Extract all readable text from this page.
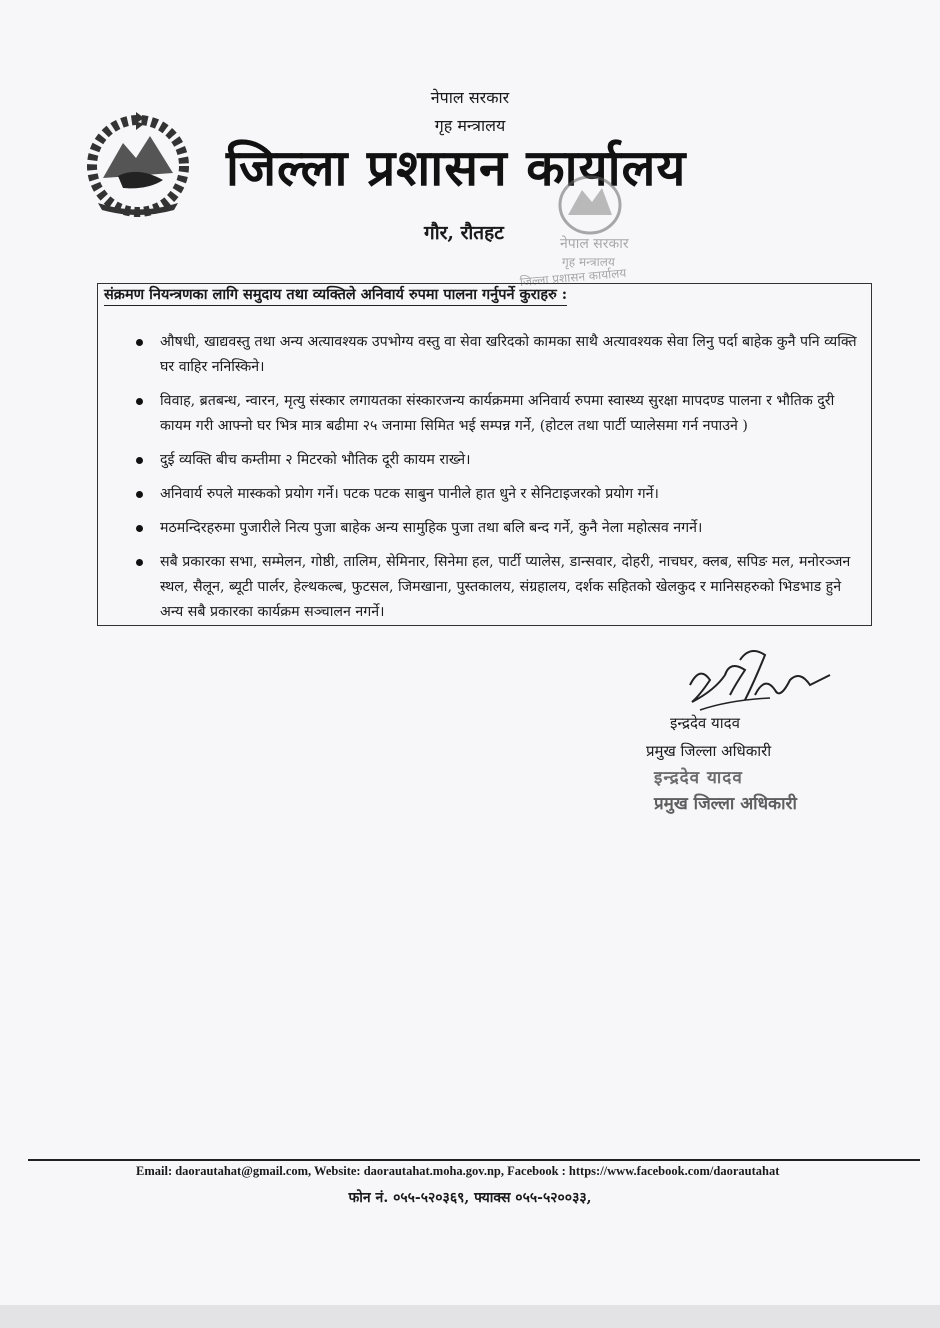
नेपाल सरकार
गृह मन्त्रालय
जिल्ला प्रशासन कार्यालय
गौर, रौतहट	नेपाल सरकार
गृह मन्त्रालय
जिल्ला प्रशासन कार्यालय
संक्रमण नियन्त्रणका लागि समुदाय तथा व्यक्तिले अनिवार्य रुपमा पालना गर्नुपर्ने कुराहरु :
औषधी, खाद्यवस्तु तथा अन्य अत्यावश्यक उपभोग्य वस्तु वा सेवा खरिदको कामका साथै अत्यावश्यक सेवा लिनु पर्दा बाहेक कुनै पनि व्यक्ति घर वाहिर ननिस्किने।
विवाह, ब्रतबन्ध, न्वारन, मृत्यु संस्कार लगायतका संस्कारजन्य कार्यक्रममा अनिवार्य रुपमा स्वास्थ्य सुरक्षा मापदण्ड पालना र भौतिक दुरी कायम गरी आफ्नो घर भित्र मात्र बढीमा २५ जनामा सिमित भई सम्पन्न गर्ने, (होटल तथा पार्टी प्यालेसमा गर्न नपाउने )
दुई व्यक्ति बीच कम्तीमा २ मिटरको भौतिक दूरी कायम राख्ने।
अनिवार्य रुपले मास्कको प्रयोग गर्ने। पटक पटक साबुन पानीले हात धुने र सेनिटाइजरको प्रयोग गर्ने।
मठमन्दिरहरुमा पुजारीले नित्य पुजा बाहेक अन्य सामुहिक पुजा तथा बलि बन्द गर्ने, कुनै नेला महोत्सव नगर्ने।
सबै प्रकारका सभा, सम्मेलन, गोष्ठी, तालिम, सेमिनार, सिनेमा हल, पार्टी प्यालेस, डान्सवार, दोहरी, नाचघर, क्लब, सपिङ मल, मनोरञ्जन स्थल, सैलून, ब्यूटी पार्लर, हेल्थकल्ब, फुटसल, जिमखाना, पुस्तकालय, संग्रहालय, दर्शक सहितको खेलकुद र मानिसहरुको भिडभाड हुने अन्य सबै प्रकारका कार्यक्रम सञ्चालन नगर्ने।
इन्द्रदेव यादव
प्रमुख जिल्ला अधिकारी
इन्द्रदेव यादव
प्रमुख जिल्ला अधिकारी
Email: daorautahat@gmail.com, Website: daorautahat.moha.gov.np, Facebook : https://www.facebook.com/daorautahat
फोन नं. ०५५-५२०३६९, फ्याक्स ०५५-५२००३३,
